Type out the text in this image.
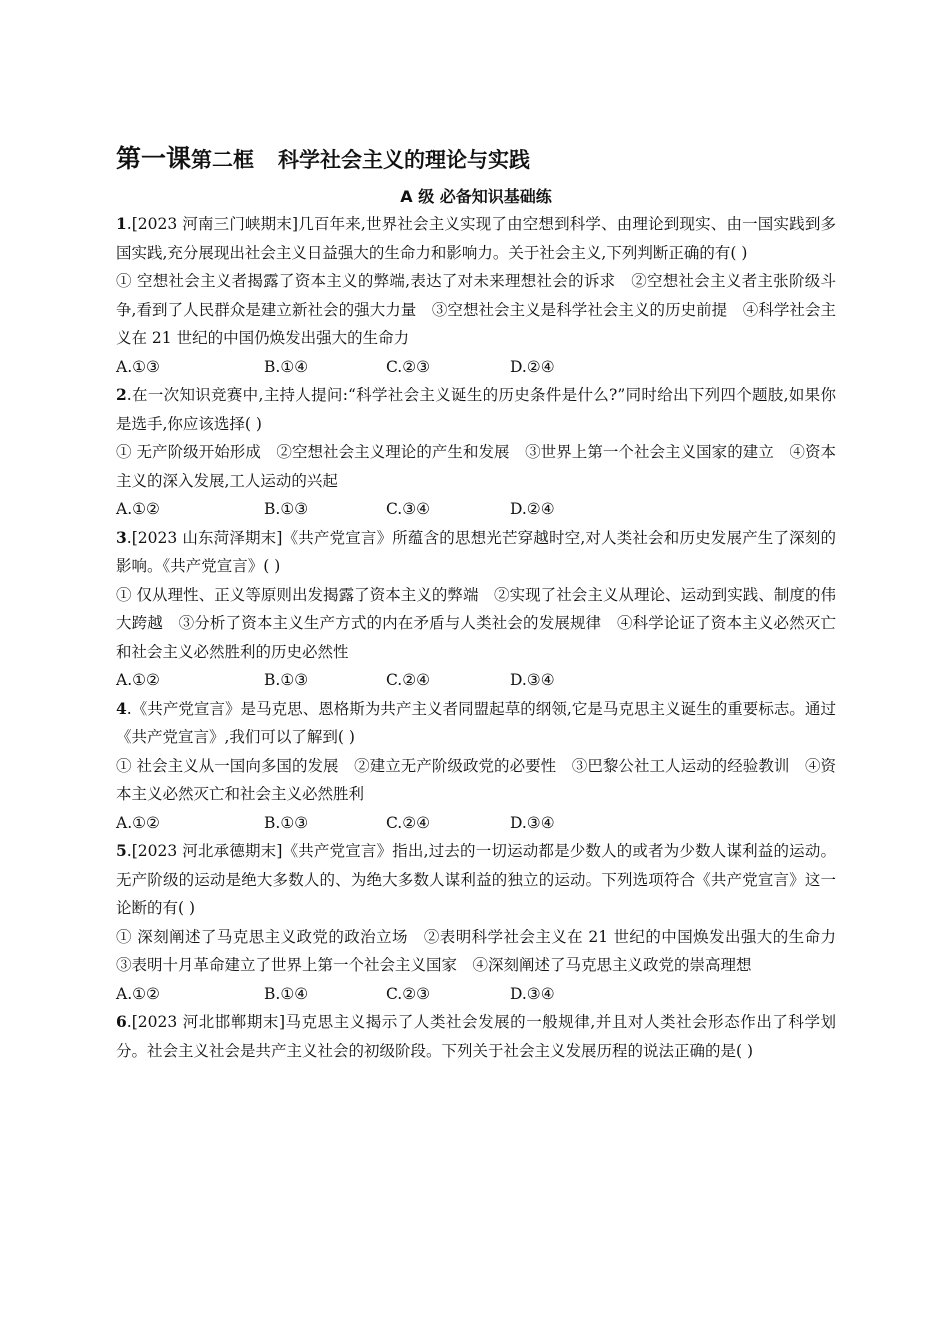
第一课第二框 科学社会主义的理论与实践
A 级 必备知识基础练
1.[2023 河南三门峡期末]几百年来,世界社会主义实现了由空想到科学、由理论到现实、由一国实践到多国实践,充分展现出社会主义日益强大的生命力和影响力。关于社会主义,下列判断正确的有( )
① 空想社会主义者揭露了资本主义的弊端,表达了对未来理想社会的诉求　②空想社会主义者主张阶级斗争,看到了人民群众是建立新社会的强大力量　③空想社会主义是科学社会主义的历史前提　④科学社会主义在 21 世纪的中国仍焕发出强大的生命力
A.①③	B.①④	C.②③	D.②④
2.在一次知识竞赛中,主持人提问:“科学社会主义诞生的历史条件是什么?”同时给出下列四个题肢,如果你是选手,你应该选择( )
① 无产阶级开始形成　②空想社会主义理论的产生和发展　③世界上第一个社会主义国家的建立　④资本主义的深入发展,工人运动的兴起
A.①②	B.①③	C.③④	D.②④
3.[2023 山东菏泽期末]《共产党宣言》所蕴含的思想光芒穿越时空,对人类社会和历史发展产生了深刻的影响。《共产党宣言》( )
① 仅从理性、正义等原则出发揭露了资本主义的弊端　②实现了社会主义从理论、运动到实践、制度的伟大跨越　③分析了资本主义生产方式的内在矛盾与人类社会的发展规律　④科学论证了资本主义必然灭亡和社会主义必然胜利的历史必然性
A.①②	B.①③	C.②④	D.③④
4.《共产党宣言》是马克思、恩格斯为共产主义者同盟起草的纲领,它是马克思主义诞生的重要标志。通过《共产党宣言》,我们可以了解到( )
① 社会主义从一国向多国的发展　②建立无产阶级政党的必要性　③巴黎公社工人运动的经验教训　④资本主义必然灭亡和社会主义必然胜利
A.①②	B.①③	C.②④	D.③④
5.[2023 河北承德期末]《共产党宣言》指出,过去的一切运动都是少数人的或者为少数人谋利益的运动。无产阶级的运动是绝大多数人的、为绝大多数人谋利益的独立的运动。下列选项符合《共产党宣言》这一论断的有( )
① 深刻阐述了马克思主义政党的政治立场　②表明科学社会主义在 21 世纪的中国焕发出强大的生命力　③表明十月革命建立了世界上第一个社会主义国家　④深刻阐述了马克思主义政党的崇高理想
A.①②	B.①④	C.②③	D.③④
6.[2023 河北邯郸期末]马克思主义揭示了人类社会发展的一般规律,并且对人类社会形态作出了科学划分。社会主义社会是共产主义社会的初级阶段。下列关于社会主义发展历程的说法正确的是( )
